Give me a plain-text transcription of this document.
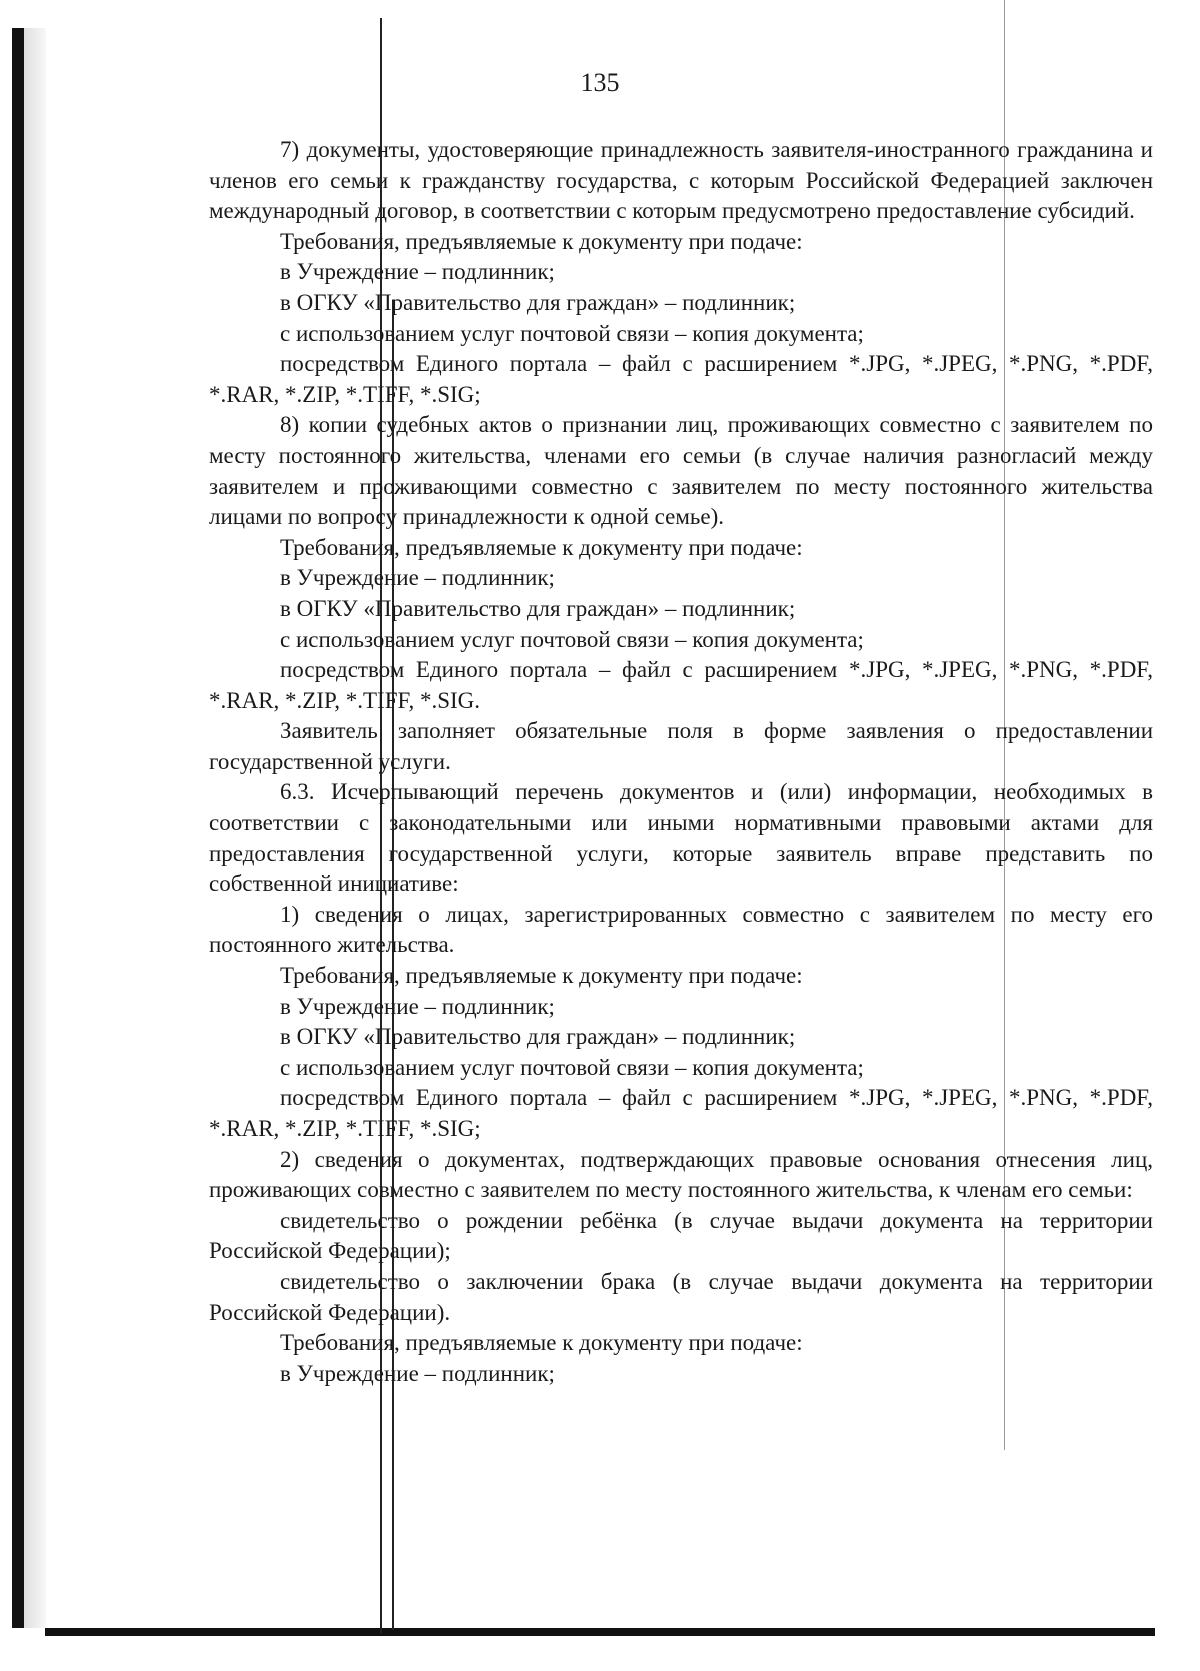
135

7) документы, удостоверяющие принадлежность заявителя-иностранного гражданина и членов его семьи к гражданству государства, с которым Российской Федерацией заключен международный договор, в соответствии с которым предусмотрено предоставление субсидий.

Требования, предъявляемые к документу при подаче:

в Учреждение – подлинник;

в ОГКУ «Правительство для граждан» – подлинник;

с использованием услуг почтовой связи – копия документа;

посредством Единого портала – файл с расширением *.JPG, *.JPEG, *.PNG, *.PDF, *.RAR, *.ZIP, *.TIFF, *.SIG;

8) копии судебных актов о признании лиц, проживающих совместно с заявителем по месту постоянного жительства, членами его семьи (в случае наличия разногласий между заявителем и проживающими совместно с заявителем по месту постоянного жительства лицами по вопросу принадлежности к одной семье).

Требования, предъявляемые к документу при подаче:

в Учреждение – подлинник;

в ОГКУ «Правительство для граждан» – подлинник;

с использованием услуг почтовой связи – копия документа;

посредством Единого портала – файл с расширением *.JPG, *.JPEG, *.PNG, *.PDF, *.RAR, *.ZIP, *.TIFF, *.SIG.

Заявитель заполняет обязательные поля в форме заявления о предоставлении государственной услуги.

6.3. Исчерпывающий перечень документов и (или) информации, необходимых в соответствии с законодательными или иными нормативными правовыми актами для предоставления государственной услуги, которые заявитель вправе представить по собственной инициативе:

1) сведения о лицах, зарегистрированных совместно с заявителем по месту его постоянного жительства.

Требования, предъявляемые к документу при подаче:

в Учреждение – подлинник;

в ОГКУ «Правительство для граждан» – подлинник;

с использованием услуг почтовой связи – копия документа;

посредством Единого портала – файл с расширением *.JPG, *.JPEG, *.PNG, *.PDF, *.RAR, *.ZIP, *.TIFF, *.SIG;

2) сведения о документах, подтверждающих правовые основания отнесения лиц, проживающих совместно с заявителем по месту постоянного жительства, к членам его семьи:

свидетельство о рождении ребёнка (в случае выдачи документа на территории Российской Федерации);

свидетельство о заключении брака (в случае выдачи документа на территории Российской Федерации).

Требования, предъявляемые к документу при подаче:

в Учреждение – подлинник;
